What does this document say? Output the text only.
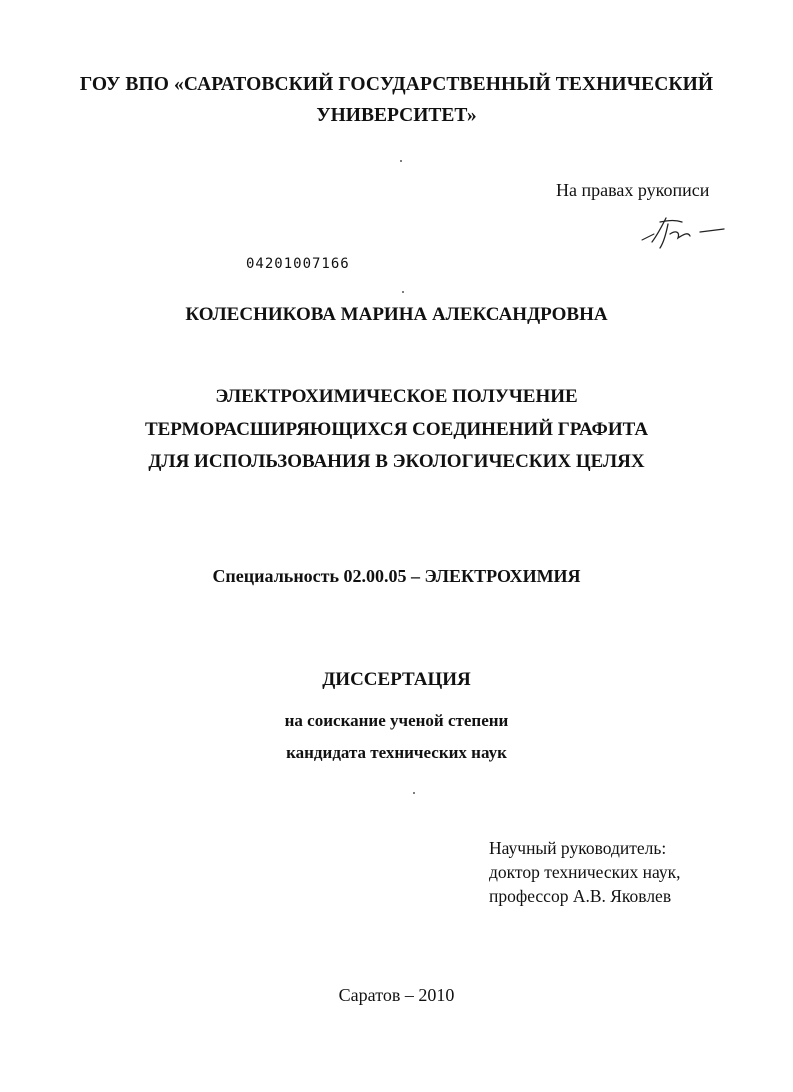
ГОУ ВПО «САРАТОВСКИЙ ГОСУДАРСТВЕННЫЙ ТЕХНИЧЕСКИЙ
УНИВЕРСИТЕТ»
На правах рукописи
04201007166
КОЛЕСНИКОВА МАРИНА АЛЕКСАНДРОВНА
ЭЛЕКТРОХИМИЧЕСКОЕ ПОЛУЧЕНИЕ
ТЕРМОРАСШИРЯЮЩИХСЯ СОЕДИНЕНИЙ ГРАФИТА
ДЛЯ ИСПОЛЬЗОВАНИЯ В ЭКОЛОГИЧЕСКИХ ЦЕЛЯХ
Специальность 02.00.05 – ЭЛЕКТРОХИМИЯ
ДИССЕРТАЦИЯ
на соискание ученой степени
кандидата технических наук
Научный руководитель:
доктор технических наук,
профессор А.В. Яковлев
Саратов – 2010
